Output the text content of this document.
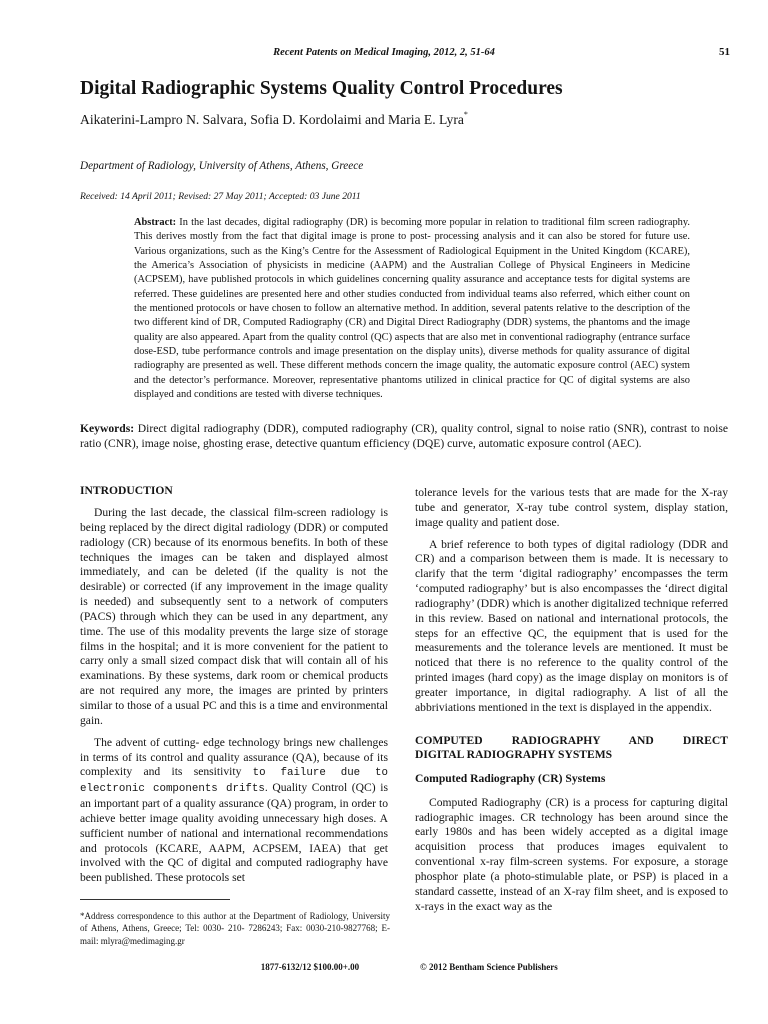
Recent Patents on Medical Imaging, 2012, 2, 51-64	51
Digital Radiographic Systems Quality Control Procedures
Aikaterini-Lampro N. Salvara, Sofia D. Kordolaimi and Maria E. Lyra*
Department of Radiology, University of Athens, Athens, Greece
Received: 14 April 2011; Revised: 27 May 2011; Accepted: 03 June 2011
Abstract: In the last decades, digital radiography (DR) is becoming more popular in relation to traditional film screen radiography. This derives mostly from the fact that digital image is prone to post- processing analysis and it can also be stored for future use. Various organizations, such as the King’s Centre for the Assessment of Radiological Equipment in the United Kingdom (KCARE), the America’s Association of physicists in medicine (AAPM) and the Australian College of Physical Engineers in Medicine (ACPSEM), have published protocols in which guidelines concerning quality assurance and acceptance tests for digital systems are referred. These guidelines are presented here and other studies conducted from individual teams also referred, which either count on the mentioned protocols or have chosen to follow an alternative method. In addition, several patents relative to the description of the two different kind of DR, Computed Radiography (CR) and Digital Direct Radiography (DDR) systems, the phantoms and the image quality are also appeared. Apart from the quality control (QC) aspects that are also met in conventional radiography (entrance surface dose-ESD, tube performance controls and image presentation on the display units), diverse methods for quality assurance of digital radiography are presented as well. These different methods concern the image quality, the automatic exposure control (AEC) system and the detector’s performance. Moreover, representative phantoms utilized in clinical practice for QC of digital systems are also displayed and conditions are tested with diverse techniques.
Keywords: Direct digital radiography (DDR), computed radiography (CR), quality control, signal to noise ratio (SNR), contrast to noise ratio (CNR), image noise, ghosting erase, detective quantum efficiency (DQE) curve, automatic exposure control (AEC).
INTRODUCTION

During the last decade, the classical film-screen radiology is being replaced by the direct digital radiology (DDR) or computed radiology (CR) because of its enormous benefits. In both of these techniques the images can be taken and displayed almost immediately, and can be deleted (if the quality is not the desirable) or corrected (if any improvement in the image quality is needed) and subsequently sent to a network of computers (PACS) through which they can be used in any department, any time. The use of this modality prevents the large size of storage films in the hospital; and it is more convenient for the patient to carry only a small sized compact disk that will contain all of his examinations. By these systems, dark room or chemical products are not required any more, the images are printed by printers similar to those of a usual PC and this is a time and environmental gain.

The advent of cutting- edge technology brings new challenges in terms of its control and quality assurance (QA), because of its complexity and its sensitivity to failure due to electronic components drifts. Quality Control (QC) is an important part of a quality assurance (QA) program, in order to achieve better image quality avoiding unnecessary high doses. A sufficient number of national and international recommendations and protocols (KCARE, AAPM, ACPSEM, IAEA) that get involved with the QC of digital and computed radiography have been published. These protocols set

tolerance levels for the various tests that are made for the X-ray tube and generator, X-ray tube control system, display station, image quality and patient dose.

A brief reference to both types of digital radiology (DDR and CR) and a comparison between them is made. It is necessary to clarify that the term ‘digital radiography’ encompasses the term ‘computed radiography’ but is also encompasses the ‘direct digital radiography’ (DDR) which is another digitalized technique referred in this review. Based on national and international protocols, the steps for an effective QC, the equipment that is used for the measurements and the tolerance levels are mentioned. It must be noticed that there is no reference to the quality control of the printed images (hard copy) as the image display on monitors is of greater importance, in digital radiography. A list of all the abbriviations mentioned in the text is displayed in the appendix.

COMPUTED RADIOGRAPHY AND DIRECT
DIGITAL RADIOGRAPHY SYSTEMS
Computed Radiography (CR) Systems

Computed Radiography (CR) is a process for capturing digital radiographic images. CR technology has been around since the early 1980s and has been widely accepted as a digital image acquisition process that produces images equivalent to conventional x-ray film-screen systems. For exposure, a storage phosphor plate (a photo-stimulable plate, or PSP) is placed in a standard cassette, instead of an X-ray film sheet, and is exposed to x-rays in the exact way as the

*Address correspondence to this author at the Department of Radiology, University of Athens, Athens, Greece; Tel: 0030- 210- 7286243; Fax: 0030-210-9827768; E-mail: mlyra@medimaging.gr
1877-6132/12 $100.00+.00	© 2012 Bentham Science Publishers
